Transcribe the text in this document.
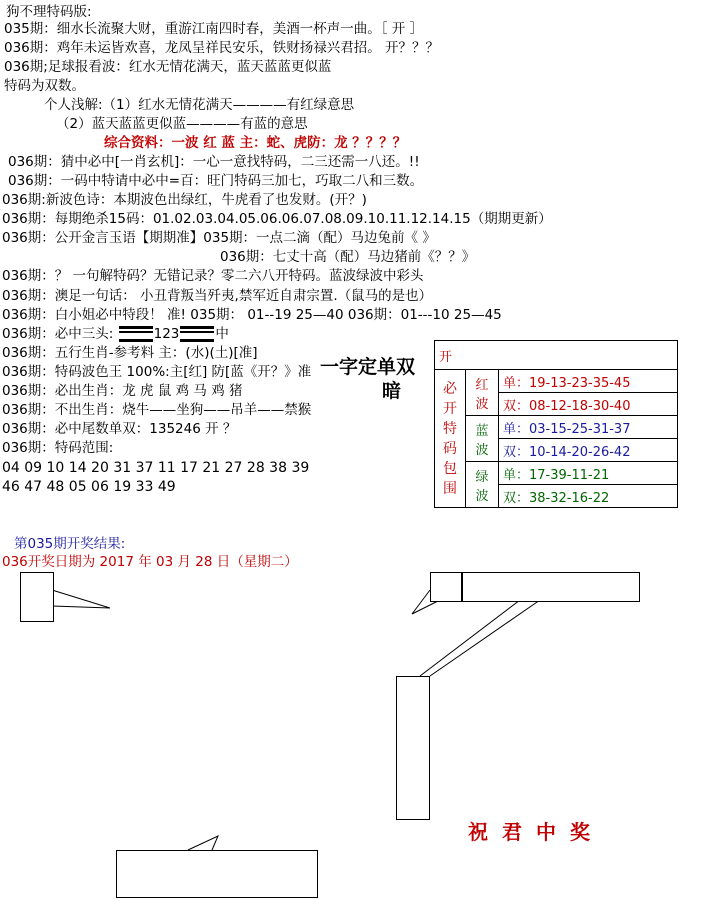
狗不理特码版:
035期：细水长流聚大财，重游江南四时春，美酒一杯声一曲。［ 开 ］
036期：鸡年未运皆欢喜，龙凤呈祥民安乐，铁财扬禄兴君招。 开？？？
036期;足球报看波：红水无情花满天，蓝天蓝蓝更似蓝
特码为双数。
个人浅解:（1）红水无情花满天————有红绿意思
（2）蓝天蓝蓝更似蓝————有蓝的意思
综合资料：一波 红 蓝 主：蛇、虎防：龙 ？？？？
036期：猜中必中[一肖玄机]：一心一意找特码，二三还需一八还。!!
036期：一码中特请中必中=百：旺门特码三加七，巧取二八和三数。
036期:新波色诗：本期波色出绿红，牛虎看了也发财。(开？)
036期：每期绝杀15码：01.02.03.04.05.06.06.07.08.09.10.11.12.14.15（期期更新）
036期：公开金言玉语【期期准】035期：一点二滴（配）马边兔前《 》
036期：七丈十高（配）马边猪前《？？》
036期：？ 一句解特码？无错记录？零二六八开特码。蓝波绿波中彩头
036期：澳足一句话： 小丑背叛当歼夷,禁军近自肃宗置.（鼠马的是也）
036期：白小姐必中特段！ 准! 035期： 01--19 25—40 036期：01---10 25—45
036期：必中三头:	123	中
036期：五行生肖-参考料 主：(水)(土)[准]
036期：特码波色王 100%:主[红] 防[蓝《开？》准
036期：必出生肖：龙 虎 鼠 鸡 马 鸡 猪
036期：不出生肖：烧牛——坐狗——吊羊——禁猴
036期：必中尾数单双：135246 开 ？
036期：特码范围:
04 09 10 14 20 31 37 11 17 21 27 28 38 39
46 47 48 05 06 19 33 49
一字定单双
暗
开		
必开特码包围	红波	单：19-13-23-35-45
		双：08-12-18-30-40
	蓝波	单：03-15-25-31-37
		双：10-14-20-26-42
	绿波	单：17-39-11-21
		双：38-32-16-22
第035期开奖结果:
036开奖日期为 2017 年 03 月 28 日（星期二）
祝君中奖
